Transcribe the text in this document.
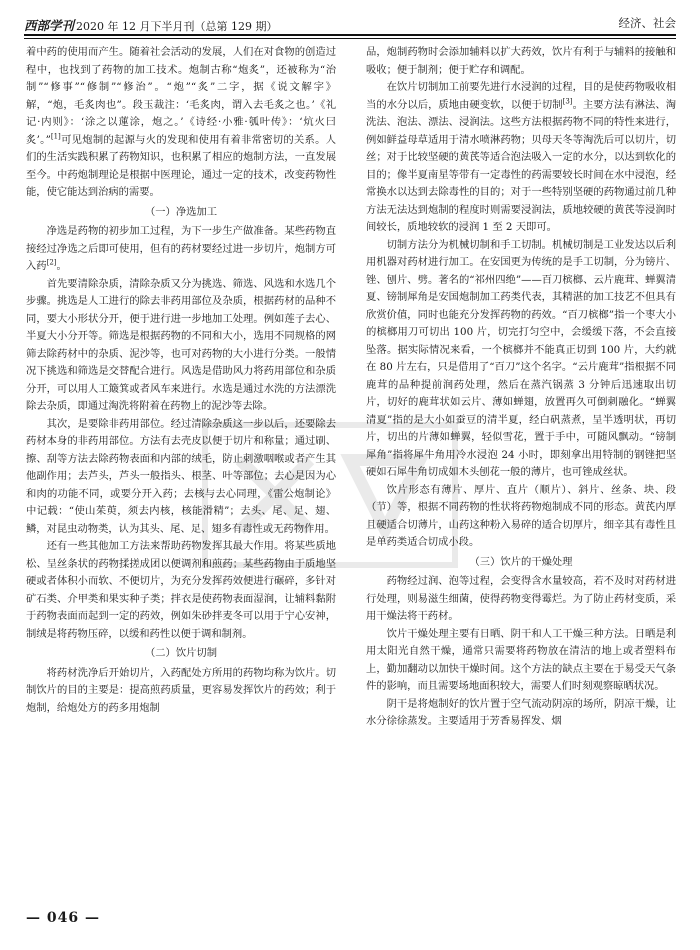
西部学刊 2020 年 12 月下半月刊（总第 129 期）	经济、社会

着中药的使用而产生。随着社会活动的发展，人们在对食物的创造过程中，也找到了药物的加工技术。炮制古称“炮炙”，还被称为“治制”“修事”“修制”“修治”。“炮”“炙”二字，据《说文解字》解，“炮，毛炙肉也”。段玉裁注：‘毛炙肉，谓入去毛炙之也。’《礼记·内则》：‘涂之以蓮涂，炮之。’《诗经·小雅·瓠叶传》：‘炕火曰炙’。”[1]可见炮制的起源与火的发现和使用有着非常密切的关系。人们的生活实践积累了药物知识，也积累了相应的炮制方法，一直发展至今。中药炮制理论是根据中医理论，通过一定的技术，改变药物性能，使它能达到治病的需要。

（一）净选加工

净选是药物的初步加工过程，为下一步生产做准备。某些药物直接经过净选之后即可使用，但有的药材要经过进一步切片，炮制方可入药[2]。

首先要清除杂质，清除杂质又分为挑选、筛选、风选和水选几个步骤。挑选是人工进行的除去非药用部位及杂质，根据药材的品种不同，要大小形状分开，便于进行进一步地加工处理。例如莲子去心、半夏大小分开等。筛选是根据药物的不同和大小，选用不同规格的网筛去除药材中的杂质、泥沙等，也可对药物的大小进行分类。一般情况下挑选和筛选是交替配合进行。风选是借助风力将药用部位和杂质分开，可以用人工簸箕或者风车来进行。水选是通过水洗的方法漂洗除去杂质，即通过淘洗将附着在药物上的泥沙等去除。

其次，是要除非药用部位。经过清除杂质这一步以后，还要除去药材本身的非药用部位。方法有去壳皮以便于切片和称量；通过刷、擦、刮等方法去除药物表面和内部的绒毛，防止刺激咽喉或者产生其他副作用；去芦头，芦头一般指头、根茎、叶等部位；去心是因为心和肉的功能不同，或要分开入药；去核与去心同理，《雷公炮制论》中记载：“使山茱萸，须去内核，核能滑精”；去头、尾、足、翅、鳞，对昆虫动物类，认为其头、尾、足、翅多有毒性或无药物作用。

还有一些其他加工方法来帮助药物发挥其最大作用。将某些质地松、呈丝条状的药物揉搓成团以便调剂和煎药；某些药物由于质地坚硬或者体积小而软、不便切片，为充分发挥药效便进行碾碎，多针对矿石类、介甲类和果实种子类；拌衣是使药物表面湿润，让辅料黏附于药物表面而起到一定的药效，例如朱砂拌麦冬可以用于宁心安神，制绒是将药物压碎，以缓和药性以便于调和制剂。

（二）饮片切制

将药材洗净后开始切片，入药配处方所用的药物均称为饮片。切制饮片的目的主要是：提高煎药质量，更容易发挥饮片的药效；利于炮制，给炮处方的药多用炮制

品，炮制药物时会添加辅料以扩大药效，饮片有利于与辅料的接触和吸收；便于制剂；便于贮存和调配。

在饮片切制加工前要先进行水浸润的过程，目的是使药物吸收相当的水分以后，质地由硬变软，以便于切制[3]。主要方法有淋法、淘洗法、泡法、漂法、浸润法。这些方法根据药物不同的特性来进行，例如鲜益母草适用于清水喷淋药物；贝母天冬等淘洗后可以切片，切丝；对于比较坚硬的黄芪等适合泡法吸入一定的水分，以达到软化的目的；像半夏南星等带有一定毒性的药需要较长时间在水中浸泡，经常换水以达到去除毒性的目的；对于一些特别坚硬的药物通过前几种方法无法达到炮制的程度时则需要浸润法，质地较硬的黄芪等浸润时间较长，质地较软的浸润 1 至 2 天即可。

切制方法分为机械切制和手工切制。机械切制是工业发达以后利用机器对药材进行加工。在安国更为传统的是手工切制，分为镑片、锉、刨片、劈。著名的“祁州四绝”——百刀槟榔、云片鹿茸、蝉翼清夏、镑制犀角是安国炮制加工药类代表，其精湛的加工技艺不但具有欣赏价值，同时也能充分发挥药物的药效。“百刀槟榔”指一个枣大小的槟榔用刀可切出 100 片，切完打匀空中，会缓缓下落，不会直接坠落。据实际情况来看，一个槟榔并不能真正切到 100 片，大约就在 80 片左右，只是借用了“百刀”这个名字。“云片鹿茸”指根据不同鹿茸的品种提前润药处理，然后在蒸汽锅蒸 3 分钟后迅速取出切片，切好的鹿茸状如云片、薄如蝉翅，放置再久可倒刺融化。“蝉翼清夏”指的是大小如蚕豆的清半夏，经白矾蒸煮，呈半透明状，再切片，切出的片薄如蝉翼，轻似雪花，置于手中，可随风飘动。“镑制犀角”指将犀牛角用冷水浸泡 24 小时，即刻拿出用特制的钢锉把坚硬如石犀牛角切成如木头刨花一般的薄片，也可锉成丝状。

饮片形态有薄片、厚片、直片（顺片）、斜片、丝条、块、段（节）等，根据不同药物的性状将药物炮制成不同的形态。黄芪内厚且硬适合切薄片，山药这种粉入易碎的适合切厚片，细辛其有毒性且是单药类适合切成小段。

（三）饮片的干燥处理

药物经过润、泡等过程，会变得含水量较高，若不及时对药材进行处理，则易滋生细菌，使得药物变得霉烂。为了防止药材变质，采用干燥法将干药材。

饮片干燥处理主要有日晒、阴干和人工干燥三种方法。日晒是利用太阳光自然干燥，通常只需要将药物放在清洁的地上或者塑料布上，勤加翻动以加快干燥时间。这个方法的缺点主要在于易受天气条件的影响，而且需要场地面积较大，需要人们时刻观察晾晒状况。

阴干是将炮制好的饮片置于空气流动阴凉的场所，阴凉干燥，让水分徐徐蒸发。主要适用于芳香易挥发、烟

— 046 —
